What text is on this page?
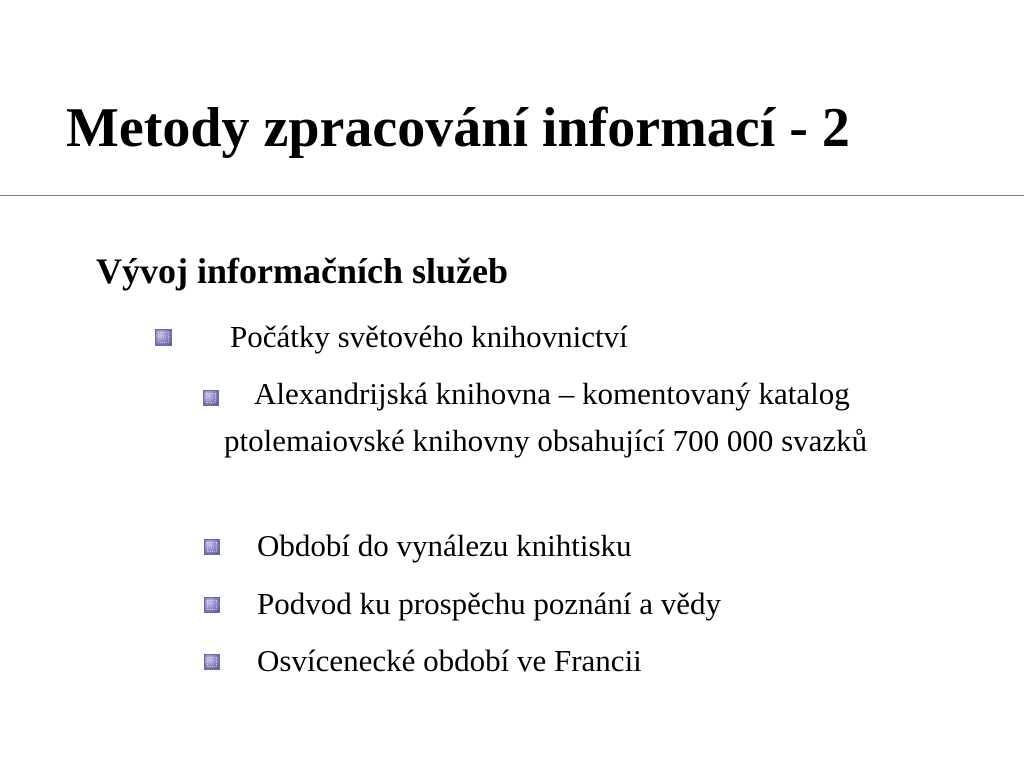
Metody zpracování informací - 2
Vývoj informačních služeb

Počátky světového knihovnictví

Alexandrijská knihovna – komentovaný katalog ptolemaiovské knihovny obsahující 700 000 svazků

Období do vynálezu knihtisku

Podvod ku prospěchu poznání a vědy

Osvícenecké období ve Francii
